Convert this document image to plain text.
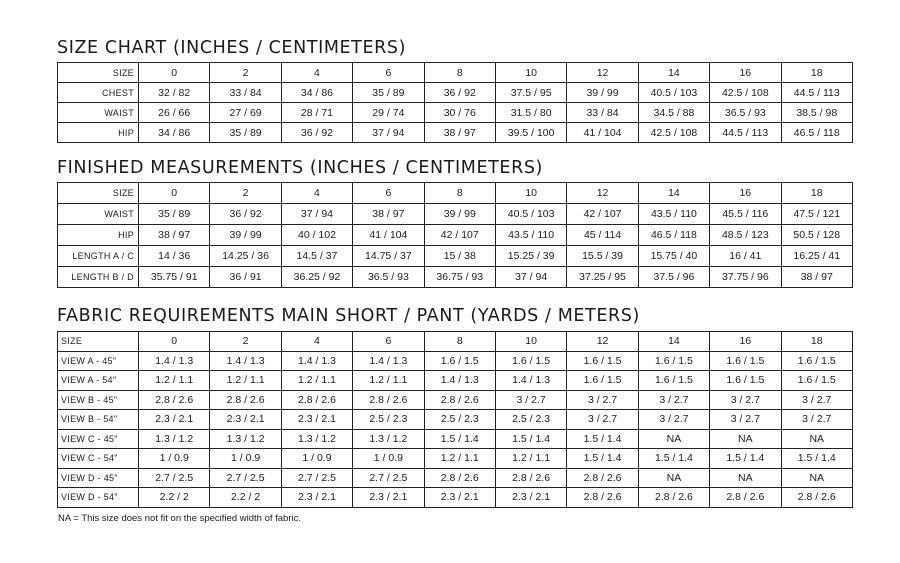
SIZE CHART (INCHES / CENTIMETERS)
SIZE	0	2	4	6	8	10	12	14	16	18
CHEST	32 / 82	33 / 84	34 / 86	35 / 89	36 / 92	37.5 / 95	39 / 99	40.5 / 103	42.5 / 108	44.5 / 113
WAIST	26 / 66	27 / 69	28 / 71	29 / 74	30 / 76	31.5 / 80	33 / 84	34.5 / 88	36.5 / 93	38.5 / 98
HIP	34 / 86	35 / 89	36 / 92	37 / 94	38 / 97	39.5 / 100	41 / 104	42.5 / 108	44.5 / 113	46.5 / 118
FINISHED MEASUREMENTS (INCHES / CENTIMETERS)
SIZE	0	2	4	6	8	10	12	14	16	18
WAIST	35 / 89	36 / 92	37 / 94	38 / 97	39 / 99	40.5 / 103	42 / 107	43.5 / 110	45.5 / 116	47.5 / 121
HIP	38 / 97	39 / 99	40 / 102	41 / 104	42 / 107	43.5 / 110	45 / 114	46.5 / 118	48.5 / 123	50.5 / 128
LENGTH A / C	14 / 36	14.25 / 36	14.5 / 37	14.75 / 37	15 / 38	15.25 / 39	15.5 / 39	15.75 / 40	16 / 41	16.25 / 41
LENGTH B / D	35.75 / 91	36 / 91	36.25 / 92	36.5 / 93	36.75 / 93	37 / 94	37.25 / 95	37.5 / 96	37.75 / 96	38 / 97
FABRIC REQUIREMENTS MAIN SHORT / PANT (YARDS / METERS)
SIZE	0	2	4	6	8	10	12	14	16	18
VIEW A - 45"	1.4 / 1.3	1.4 / 1.3	1.4 / 1.3	1.4 / 1.3	1.6 / 1.5	1.6 / 1.5	1.6 / 1.5	1.6 / 1.5	1.6 / 1.5	1.6 / 1.5
VIEW A - 54"	1.2 / 1.1	1.2 / 1.1	1.2 / 1.1	1.2 / 1.1	1.4 / 1.3	1.4 / 1.3	1.6 / 1.5	1.6 / 1.5	1.6 / 1.5	1.6 / 1.5
VIEW B - 45"	2.8 / 2.6	2.8 / 2.6	2.8 / 2.6	2.8 / 2.6	2.8 / 2.6	3 / 2.7	3 / 2.7	3 / 2.7	3 / 2.7	3 / 2.7
VIEW B - 54"	2.3 / 2.1	2.3 / 2.1	2.3 / 2.1	2.5 / 2.3	2.5 / 2.3	2.5 / 2.3	3 / 2.7	3 / 2.7	3 / 2.7	3 / 2.7
VIEW C - 45"	1.3 / 1.2	1.3 / 1.2	1.3 / 1.2	1.3 / 1.2	1.5 / 1.4	1.5 / 1.4	1.5 / 1.4	NA	NA	NA
VIEW C - 54"	1 / 0.9	1 / 0.9	1 / 0.9	1 / 0.9	1.2 / 1.1	1.2 / 1.1	1.5 / 1.4	1.5 / 1.4	1.5 / 1.4	1.5 / 1.4
VIEW D - 45"	2.7 / 2.5	2.7 / 2.5	2.7 / 2.5	2.7 / 2.5	2.8 / 2.6	2.8 / 2.6	2.8 / 2.6	NA	NA	NA
VIEW D - 54"	2.2 / 2	2.2 / 2	2.3 / 2.1	2.3 / 2.1	2.3 / 2.1	2.3 / 2.1	2.8 / 2.6	2.8 / 2.6	2.8 / 2.6	2.8 / 2.6

NA = This size does not fit on the specified width of fabric.
